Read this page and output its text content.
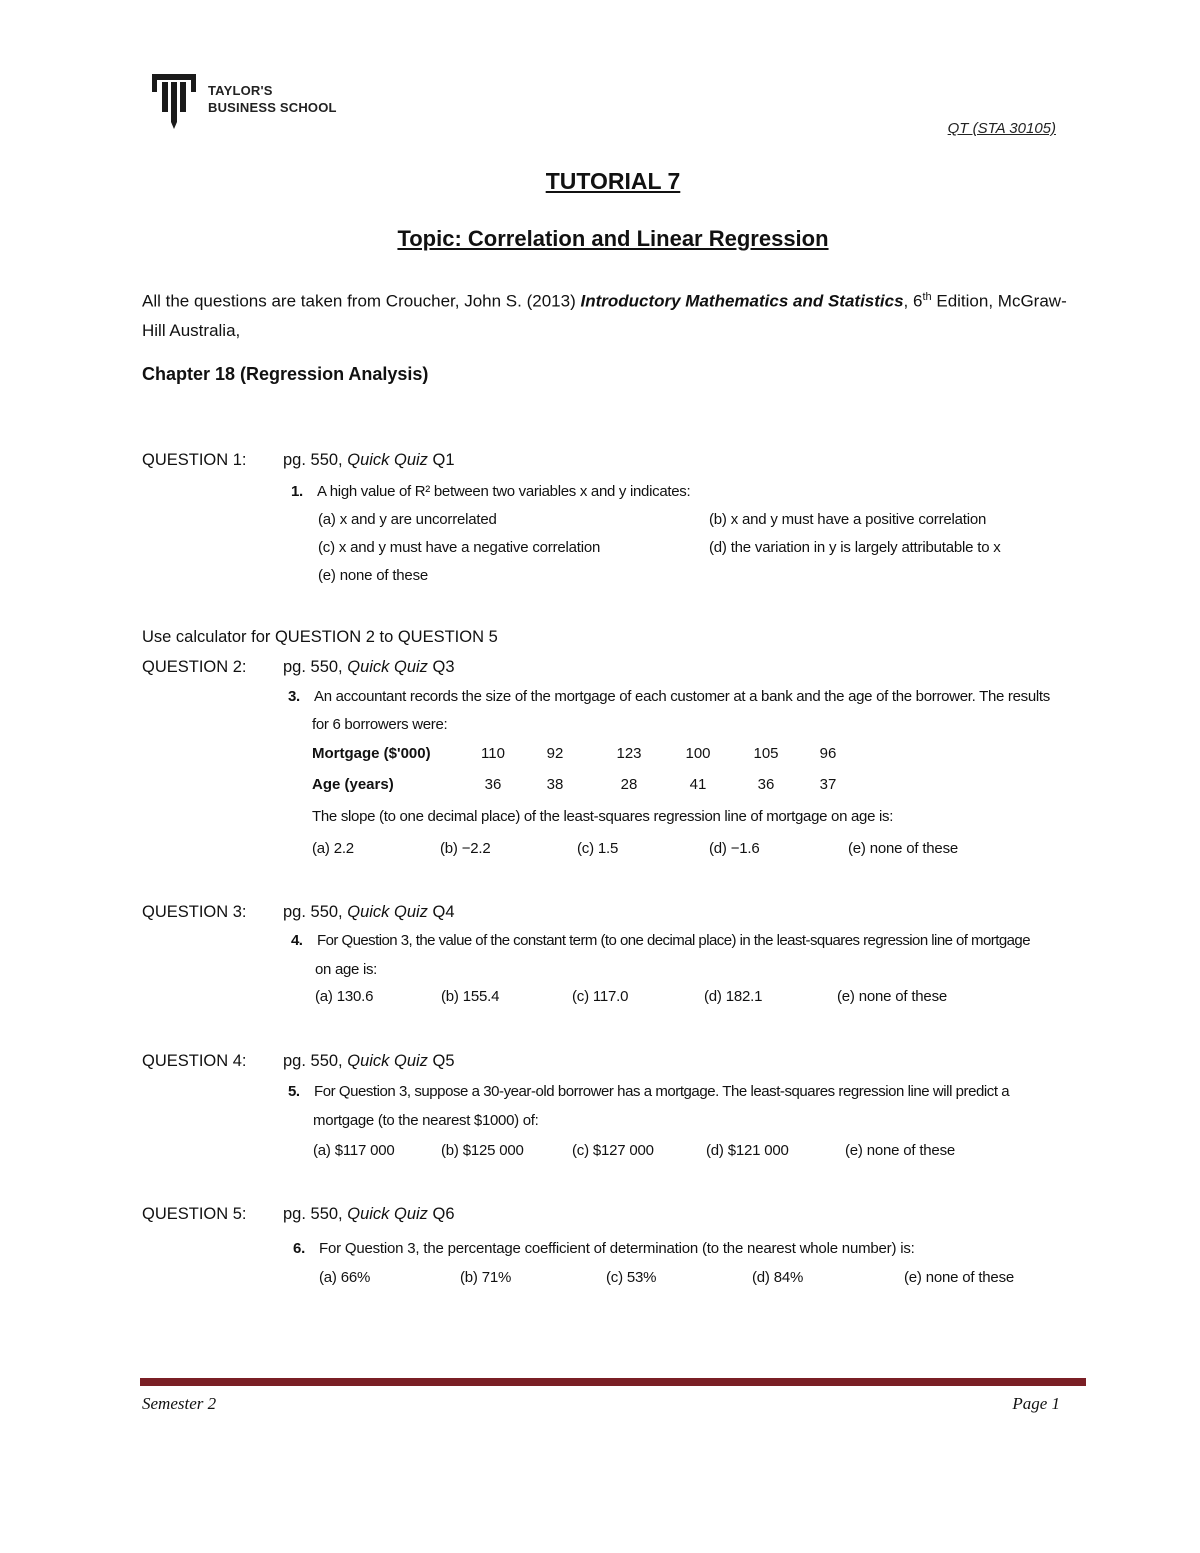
TAYLOR'S
BUSINESS SCHOOL
QT (STA 30105)
TUTORIAL 7
Topic: Correlation and Linear Regression
All the questions are taken from Croucher, John S. (2013) Introductory Mathematics and Statistics, 6th Edition, McGraw-Hill Australia,
Chapter 18 (Regression Analysis)
QUESTION 1: pg. 550, Quick Quiz Q1
1. A high value of R² between two variables x and y indicates:
(a) x and y are uncorrelated	(b) x and y must have a positive correlation
(c) x and y must have a negative correlation	(d) the variation in y is largely attributable to x
(e) none of these
Use calculator for QUESTION 2 to QUESTION 5
QUESTION 2: pg. 550, Quick Quiz Q3
3. An accountant records the size of the mortgage of each customer at a bank and the age of the borrower. The results
for 6 borrowers were:
Mortgage ($'000)	110	92	123	100	105	96
Age (years)	36	38	28	41	36	37
The slope (to one decimal place) of the least-squares regression line of mortgage on age is:
(a) 2.2	(b) −2.2	(c) 1.5	(d) −1.6	(e) none of these
QUESTION 3: pg. 550, Quick Quiz Q4
4. For Question 3, the value of the constant term (to one decimal place) in the least-squares regression line of mortgage
on age is:
(a) 130.6	(b) 155.4	(c) 117.0	(d) 182.1	(e) none of these
QUESTION 4: pg. 550, Quick Quiz Q5
5. For Question 3, suppose a 30-year-old borrower has a mortgage. The least-squares regression line will predict a
mortgage (to the nearest $1000) of:
(a) $117 000	(b) $125 000	(c) $127 000	(d) $121 000	(e) none of these
QUESTION 5: pg. 550, Quick Quiz Q6
6. For Question 3, the percentage coefficient of determination (to the nearest whole number) is:
(a) 66%	(b) 71%	(c) 53%	(d) 84%	(e) none of these
Semester 2	Page 1
